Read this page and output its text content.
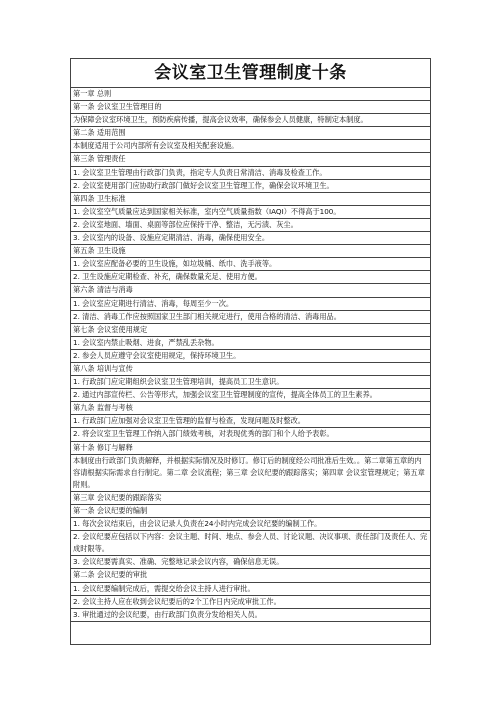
会议室卫生管理制度十条
第一章 总则
第一条 会议室卫生管理目的
为保障会议室环境卫生，预防疾病传播，提高会议效率，确保参会人员健康，特制定本制度。
第二条 适用范围
本制度适用于公司内部所有会议室及相关配套设施。
第三条 管理责任
1. 会议室卫生管理由行政部门负责，指定专人负责日常清洁、消毒及检查工作。
2. 会议室使用部门应协助行政部门做好会议室卫生管理工作，确保会议环境卫生。
第四条 卫生标准
1. 会议室空气质量应达到国家相关标准，室内空气质量指数（IAQI）不得高于100。
2. 会议室地面、墙面、桌面等部位应保持干净、整洁，无污渍、灰尘。
3. 会议室内的设备、设施应定期清洁、消毒，确保使用安全。
第五条 卫生设施
1. 会议室应配备必要的卫生设施，如垃圾桶、纸巾、洗手液等。
2. 卫生设施应定期检查、补充，确保数量充足、使用方便。
第六条 清洁与消毒
1. 会议室应定期进行清洁、消毒，每周至少一次。
2. 清洁、消毒工作应按照国家卫生部门相关规定进行，使用合格的清洁、消毒用品。
第七条 会议室使用规定
1. 会议室内禁止吸烟、进食，严禁乱丢杂物。
2. 参会人员应遵守会议室使用规定，保持环境卫生。
第八条 培训与宣传
1. 行政部门应定期组织会议室卫生管理培训，提高员工卫生意识。
2. 通过内部宣传栏、公告等形式，加强会议室卫生管理制度的宣传，提高全体员工的卫生素养。
第九条 监督与考核
1. 行政部门应加强对会议室卫生管理的监督与检查，发现问题及时整改。
2. 将会议室卫生管理工作纳入部门绩效考核，对表现优秀的部门和个人给予表彰。
第十条 修订与解释
本制度由行政部门负责解释，并根据实际情况及时修订。修订后的制度经公司批准后生效。。第二章第五章的内容请根据实际需求自行制定。第二章 会议流程；第三章 会议纪要的跟踪落实；第四章 会议室管理规定；第五章 附则。
第三章 会议纪要的跟踪落实
第一条 会议纪要的编制
1. 每次会议结束后，由会议记录人负责在24小时内完成会议纪要的编制工作。
2. 会议纪要应包括以下内容：会议主题、时间、地点、参会人员、讨论议题、决议事项、责任部门及责任人、完成时限等。
3. 会议纪要需真实、准确、完整地记录会议内容，确保信息无误。
第二条 会议纪要的审批
1. 会议纪要编制完成后，需提交给会议主持人进行审批。
2. 会议主持人应在收到会议纪要后的2个工作日内完成审批工作。
3. 审批通过的会议纪要，由行政部门负责分发给相关人员。
